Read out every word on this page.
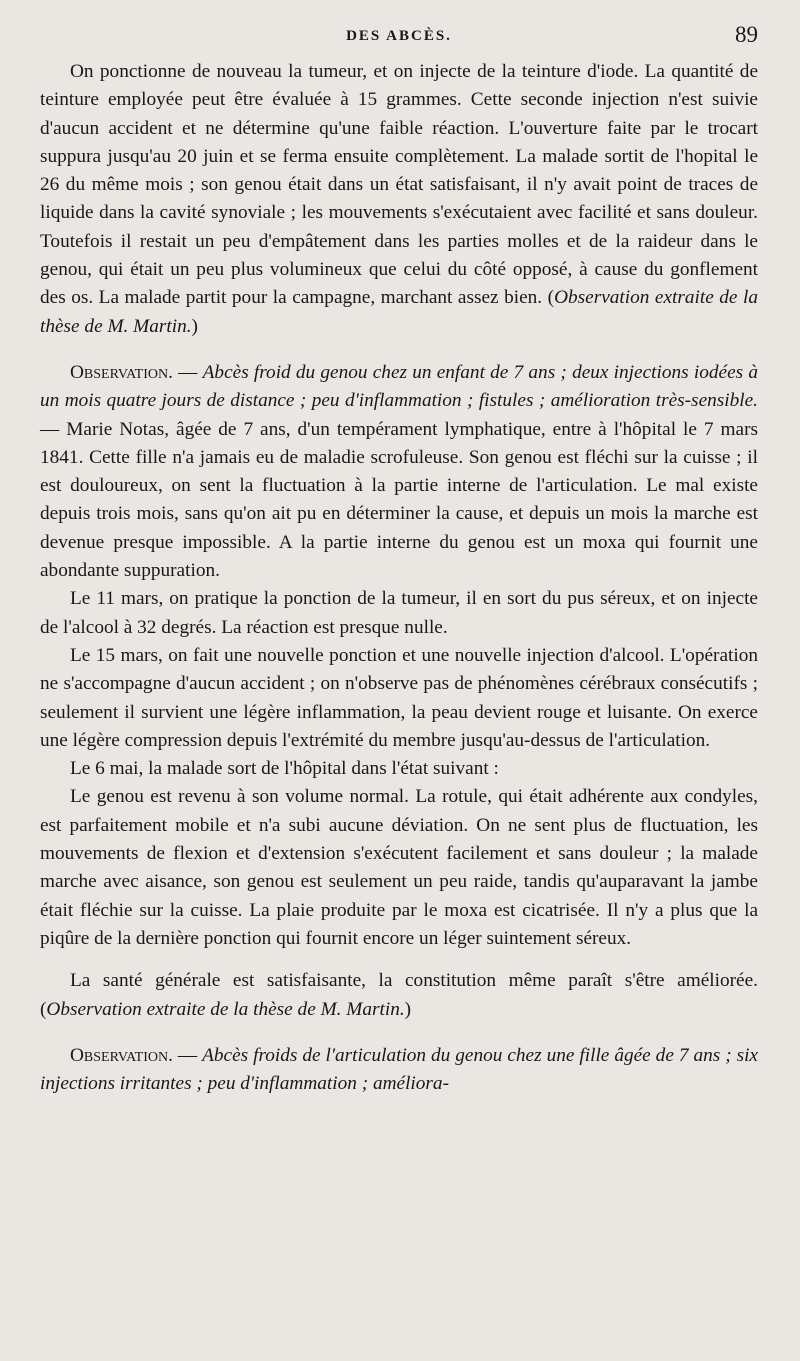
DES ABCÈS.	89

On ponctionne de nouveau la tumeur, et on injecte de la teinture d'iode. La quantité de teinture employée peut être évaluée à 15 grammes. Cette seconde injection n'est suivie d'aucun accident et ne détermine qu'une faible réaction. L'ouverture faite par le trocart suppura jusqu'au 20 juin et se ferma ensuite complètement. La malade sortit de l'hopital le 26 du même mois ; son genou était dans un état satisfaisant, il n'y avait point de traces de liquide dans la cavité synoviale ; les mouvements s'exécutaient avec facilité et sans douleur. Toutefois il restait un peu d'empâtement dans les parties molles et de la raideur dans le genou, qui était un peu plus volumineux que celui du côté opposé, à cause du gonflement des os. La malade partit pour la campagne, marchant assez bien. (Observation extraite de la thèse de M. Martin.)

Observation. — Abcès froid du genou chez un enfant de 7 ans ; deux injections iodées à un mois quatre jours de distance ; peu d'inflammation ; fistules ; amélioration très-sensible. — Marie Notas, âgée de 7 ans, d'un tempérament lymphatique, entre à l'hôpital le 7 mars 1841. Cette fille n'a jamais eu de maladie scrofuleuse. Son genou est fléchi sur la cuisse ; il est douloureux, on sent la fluctuation à la partie interne de l'articulation. Le mal existe depuis trois mois, sans qu'on ait pu en déterminer la cause, et depuis un mois la marche est devenue presque impossible. A la partie interne du genou est un moxa qui fournit une abondante suppuration.

Le 11 mars, on pratique la ponction de la tumeur, il en sort du pus séreux, et on injecte de l'alcool à 32 degrés. La réaction est presque nulle.

Le 15 mars, on fait une nouvelle ponction et une nouvelle injection d'alcool. L'opération ne s'accompagne d'aucun accident ; on n'observe pas de phénomènes cérébraux consécutifs ; seulement il survient une légère inflammation, la peau devient rouge et luisante. On exerce une légère compression depuis l'extrémité du membre jusqu'au-dessus de l'articulation.

Le 6 mai, la malade sort de l'hôpital dans l'état suivant :

Le genou est revenu à son volume normal. La rotule, qui était adhérente aux condyles, est parfaitement mobile et n'a subi aucune déviation. On ne sent plus de fluctuation, les mouvements de flexion et d'extension s'exécutent facilement et sans douleur ; la malade marche avec aisance, son genou est seulement un peu raide, tandis qu'auparavant la jambe était fléchie sur la cuisse. La plaie produite par le moxa est cicatrisée. Il n'y a plus que la piqûre de la dernière ponction qui fournit encore un léger suintement séreux.

La santé générale est satisfaisante, la constitution même paraît s'être améliorée. (Observation extraite de la thèse de M. Martin.)

Observation. — Abcès froids de l'articulation du genou chez une fille âgée de 7 ans ; six injections irritantes ; peu d'inflammation ; améliora-
